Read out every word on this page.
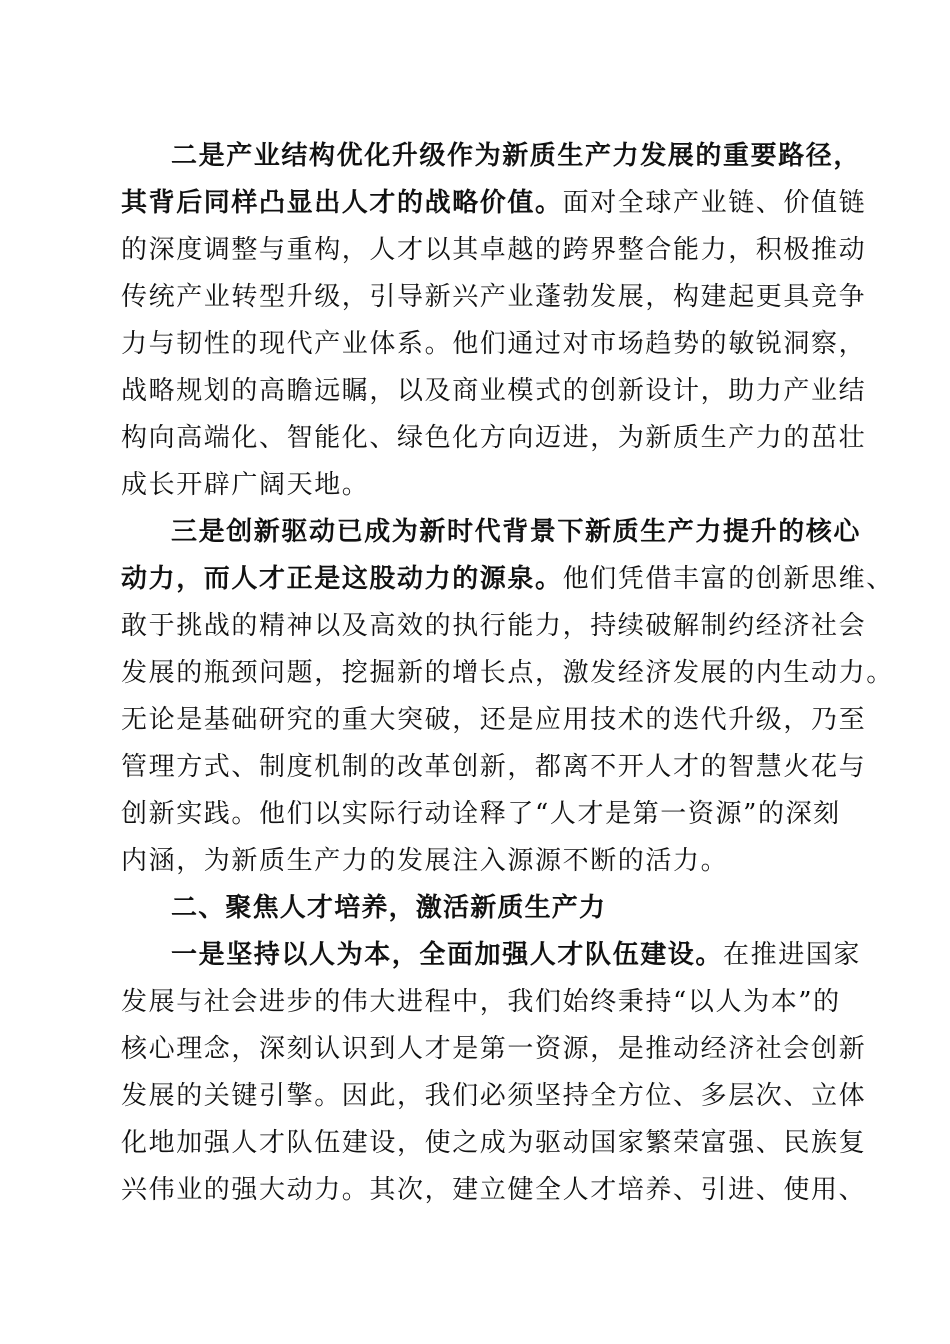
二是产业结构优化升级作为新质生产力发展的重要路径，
其背后同样凸显出人才的战略价值。面对全球产业链、价值链
的深度调整与重构，人才以其卓越的跨界整合能力，积极推动
传统产业转型升级，引导新兴产业蓬勃发展，构建起更具竞争
力与韧性的现代产业体系。他们通过对市场趋势的敏锐洞察，
战略规划的高瞻远瞩，以及商业模式的创新设计，助力产业结
构向高端化、智能化、绿色化方向迈进，为新质生产力的茁壮
成长开辟广阔天地。
三是创新驱动已成为新时代背景下新质生产力提升的核心
动力，而人才正是这股动力的源泉。他们凭借丰富的创新思维、
敢于挑战的精神以及高效的执行能力，持续破解制约经济社会
发展的瓶颈问题，挖掘新的增长点，激发经济发展的内生动力。
无论是基础研究的重大突破，还是应用技术的迭代升级，乃至
管理方式、制度机制的改革创新，都离不开人才的智慧火花与
创新实践。他们以实际行动诠释了“人才是第一资源”的深刻
内涵，为新质生产力的发展注入源源不断的活力。
二、聚焦人才培养，激活新质生产力
一是坚持以人为本，全面加强人才队伍建设。在推进国家
发展与社会进步的伟大进程中，我们始终秉持“以人为本”的
核心理念，深刻认识到人才是第一资源，是推动经济社会创新
发展的关键引擎。因此，我们必须坚持全方位、多层次、立体
化地加强人才队伍建设，使之成为驱动国家繁荣富强、民族复
兴伟业的强大动力。其次，建立健全人才培养、引进、使用、
